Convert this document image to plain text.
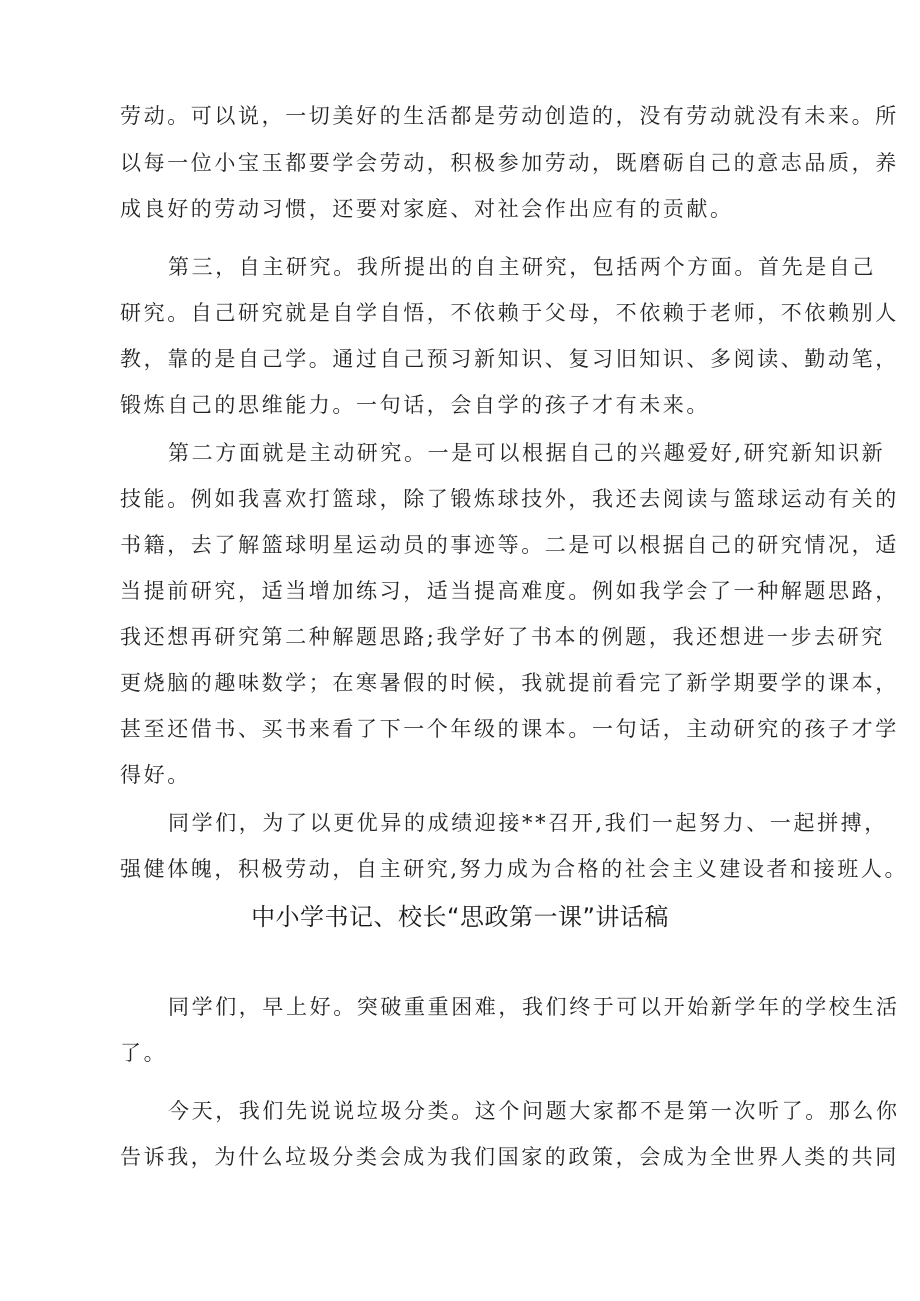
劳动。可以说，一切美好的生活都是劳动创造的，没有劳动就没有未来。所
以每一位小宝玉都要学会劳动，积极参加劳动，既磨砺自己的意志品质，养
成良好的劳动习惯，还要对家庭、对社会作出应有的贡献。
第三，自主研究。我所提出的自主研究，包括两个方面。首先是自己
研究。自己研究就是自学自悟，不依赖于父母，不依赖于老师，不依赖别人
教，靠的是自己学。通过自己预习新知识、复习旧知识、多阅读、勤动笔，
锻炼自己的思维能力。一句话，会自学的孩子才有未来。
第二方面就是主动研究。一是可以根据自己的兴趣爱好,研究新知识新
技能。例如我喜欢打篮球，除了锻炼球技外，我还去阅读与篮球运动有关的
书籍，去了解篮球明星运动员的事迹等。二是可以根据自己的研究情况，适
当提前研究，适当增加练习，适当提高难度。例如我学会了一种解题思路，
我还想再研究第二种解题思路;我学好了书本的例题，我还想进一步去研究
更烧脑的趣味数学；在寒暑假的时候，我就提前看完了新学期要学的课本，
甚至还借书、买书来看了下一个年级的课本。一句话，主动研究的孩子才学
得好。
同学们，为了以更优异的成绩迎接**召开,我们一起努力、一起拼搏，
强健体魄，积极劳动，自主研究,努力成为合格的社会主义建设者和接班人。
中小学书记、校长“思政第一课”讲话稿
同学们，早上好。突破重重困难，我们终于可以开始新学年的学校生活
了。
今天，我们先说说垃圾分类。这个问题大家都不是第一次听了。那么你
告诉我，为什么垃圾分类会成为我们国家的政策，会成为全世界人类的共同
